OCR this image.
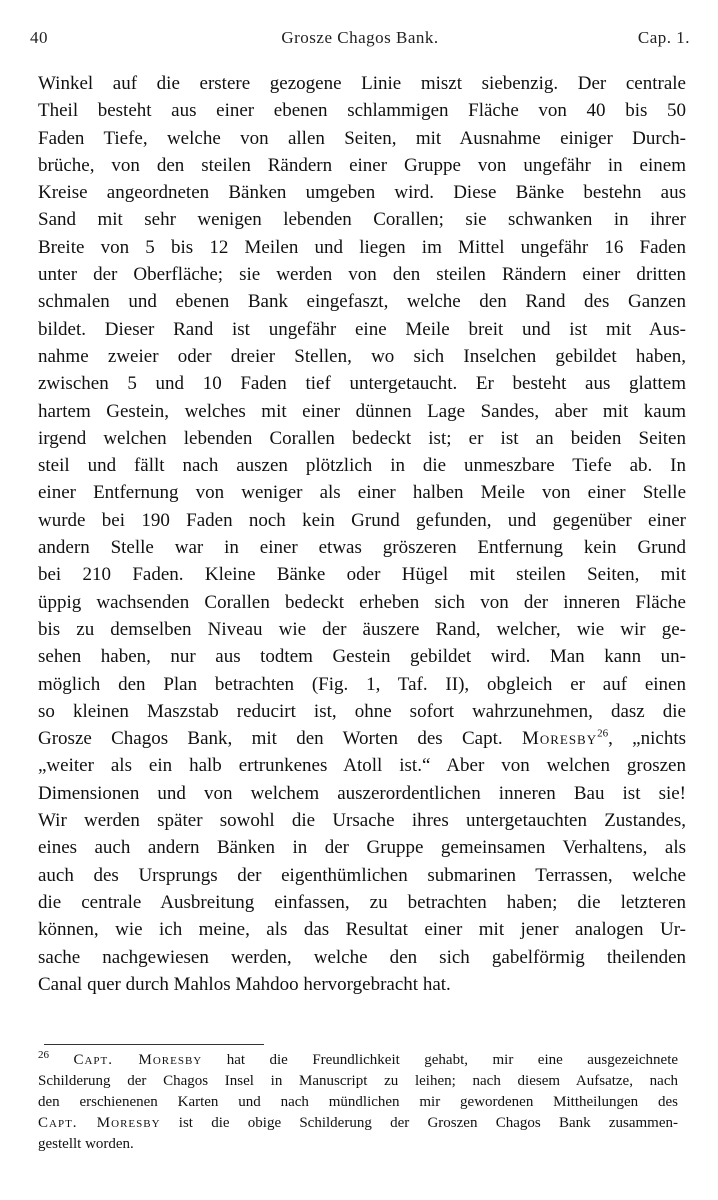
40	Grosze Chagos Bank.	Cap. 1.
Winkel auf die erstere gezogene Linie miszt siebenzig. Der centrale
Theil besteht aus einer ebenen schlammigen Fläche von 40 bis 50
Faden Tiefe, welche von allen Seiten, mit Ausnahme einiger Durch-
brüche, von den steilen Rändern einer Gruppe von ungefähr in einem
Kreise angeordneten Bänken umgeben wird. Diese Bänke bestehn aus
Sand mit sehr wenigen lebenden Corallen; sie schwanken in ihrer
Breite von 5 bis 12 Meilen und liegen im Mittel ungefähr 16 Faden
unter der Oberfläche; sie werden von den steilen Rändern einer dritten
schmalen und ebenen Bank eingefaszt, welche den Rand des Ganzen
bildet. Dieser Rand ist ungefähr eine Meile breit und ist mit Aus-
nahme zweier oder dreier Stellen, wo sich Inselchen gebildet haben,
zwischen 5 und 10 Faden tief untergetaucht. Er besteht aus glattem
hartem Gestein, welches mit einer dünnen Lage Sandes, aber mit kaum
irgend welchen lebenden Corallen bedeckt ist; er ist an beiden Seiten
steil und fällt nach auszen plötzlich in die unmeszbare Tiefe ab. In
einer Entfernung von weniger als einer halben Meile von einer Stelle
wurde bei 190 Faden noch kein Grund gefunden, und gegenüber einer
andern Stelle war in einer etwas gröszeren Entfernung kein Grund
bei 210 Faden. Kleine Bänke oder Hügel mit steilen Seiten, mit
üppig wachsenden Corallen bedeckt erheben sich von der inneren Fläche
bis zu demselben Niveau wie der äuszere Rand, welcher, wie wir ge-
sehen haben, nur aus todtem Gestein gebildet wird. Man kann un-
möglich den Plan betrachten (Fig. 1, Taf. II), obgleich er auf einen
so kleinen Maszstab reducirt ist, ohne sofort wahrzunehmen, dasz die
Grosze Chagos Bank, mit den Worten des Capt. Moresby$^{26}$, „nichts
„weiter als ein halb ertrunkenes Atoll ist.“ Aber von welchen groszen
Dimensionen und von welchem auszerordentlichen inneren Bau ist sie!
Wir werden später sowohl die Ursache ihres untergetauchten Zustandes,
eines auch andern Bänken in der Gruppe gemeinsamen Verhaltens, als
auch des Ursprungs der eigenthümlichen submarinen Terrassen, welche
die centrale Ausbreitung einfassen, zu betrachten haben; die letzteren
können, wie ich meine, als das Resultat einer mit jener analogen Ur-
sache nachgewiesen werden, welche den sich gabelförmig theilenden
Canal quer durch Mahlos Mahdoo hervorgebracht hat.
$^{26}$ Capt. Moresby hat die Freundlichkeit gehabt, mir eine ausgezeichnete
Schilderung der Chagos Insel in Manuscript zu leihen; nach diesem Aufsatze, nach
den erschienenen Karten und nach mündlichen mir gewordenen Mittheilungen des
Capt. Moresby ist die obige Schilderung der Groszen Chagos Bank zusammen-
gestellt worden.
